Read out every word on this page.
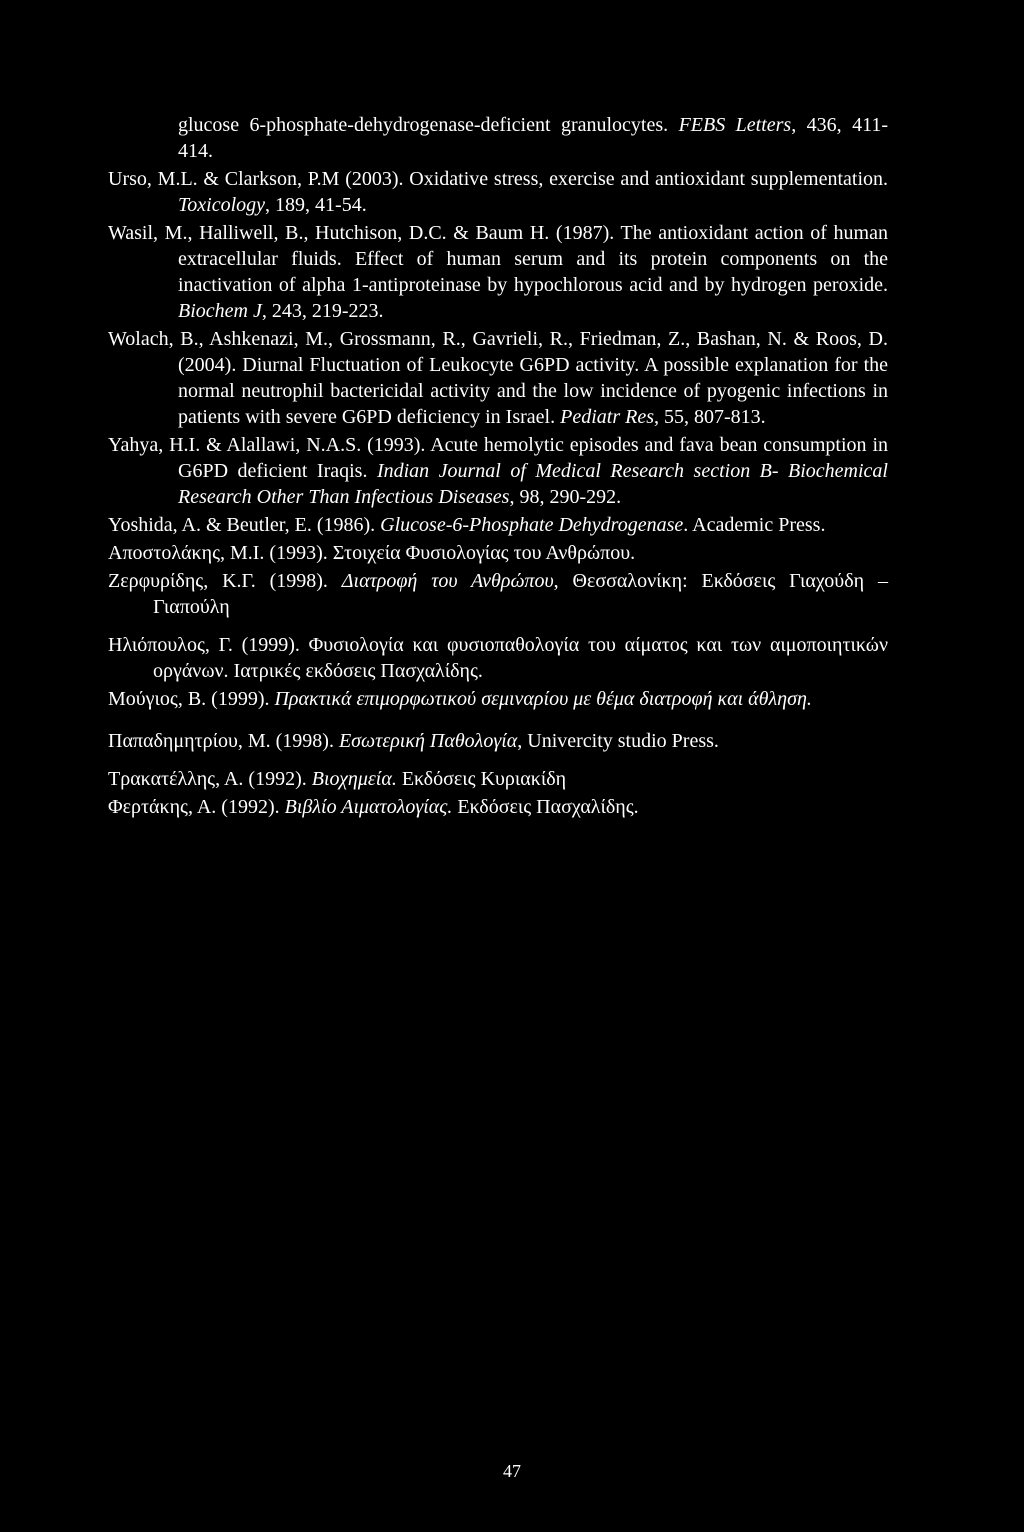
glucose 6-phosphate-dehydrogenase-deficient granulocytes. FEBS Letters, 436, 411-414.

Urso, M.L. & Clarkson, P.M (2003). Oxidative stress, exercise and antioxidant supplementation. Toxicology, 189, 41-54.

Wasil, M., Halliwell, B., Hutchison, D.C. & Baum H. (1987). The antioxidant action of human extracellular fluids. Effect of human serum and its protein components on the inactivation of alpha 1-antiproteinase by hypochlorous acid and by hydrogen peroxide. Biochem J, 243, 219-223.

Wolach, B., Ashkenazi, M., Grossmann, R., Gavrieli, R., Friedman, Z., Bashan, N. & Roos, D. (2004). Diurnal Fluctuation of Leukocyte G6PD activity. A possible explanation for the normal neutrophil bactericidal activity and the low incidence of pyogenic infections in patients with severe G6PD deficiency in Israel. Pediatr Res, 55, 807-813.

Yahya, H.I. & Alallawi, N.A.S. (1993). Acute hemolytic episodes and fava bean consumption in G6PD deficient Iraqis. Indian Journal of Medical Research section B- Biochemical Research Other Than Infectious Diseases, 98, 290-292.

Yoshida, A. & Beutler, E. (1986). Glucose-6-Phosphate Dehydrogenase. Academic Press.

Αποστολάκης, Μ.Ι. (1993). Στοιχεία Φυσιολογίας του Ανθρώπου.

Ζερφυρίδης, Κ.Γ. (1998). Διατροφή του Ανθρώπου, Θεσσαλονίκη: Εκδόσεις Γιαχούδη – Γιαπούλη

Ηλιόπουλος, Γ. (1999). Φυσιολογία και φυσιοπαθολογία του αίματος και των αιμοποιητικών οργάνων. Ιατρικές εκδόσεις Πασχαλίδης.

Μούγιος, Β. (1999). Πρακτικά επιμορφωτικού σεμιναρίου με θέμα διατροφή και άθληση.

Παπαδημητρίου, Μ. (1998). Εσωτερική Παθολογία, Univercity studio Press.

Τρακατέλλης, Α. (1992). Βιοχημεία. Εκδόσεις Κυριακίδη

Φερτάκης, Α. (1992). Βιβλίο Αιματολογίας. Εκδόσεις Πασχαλίδης.

47
